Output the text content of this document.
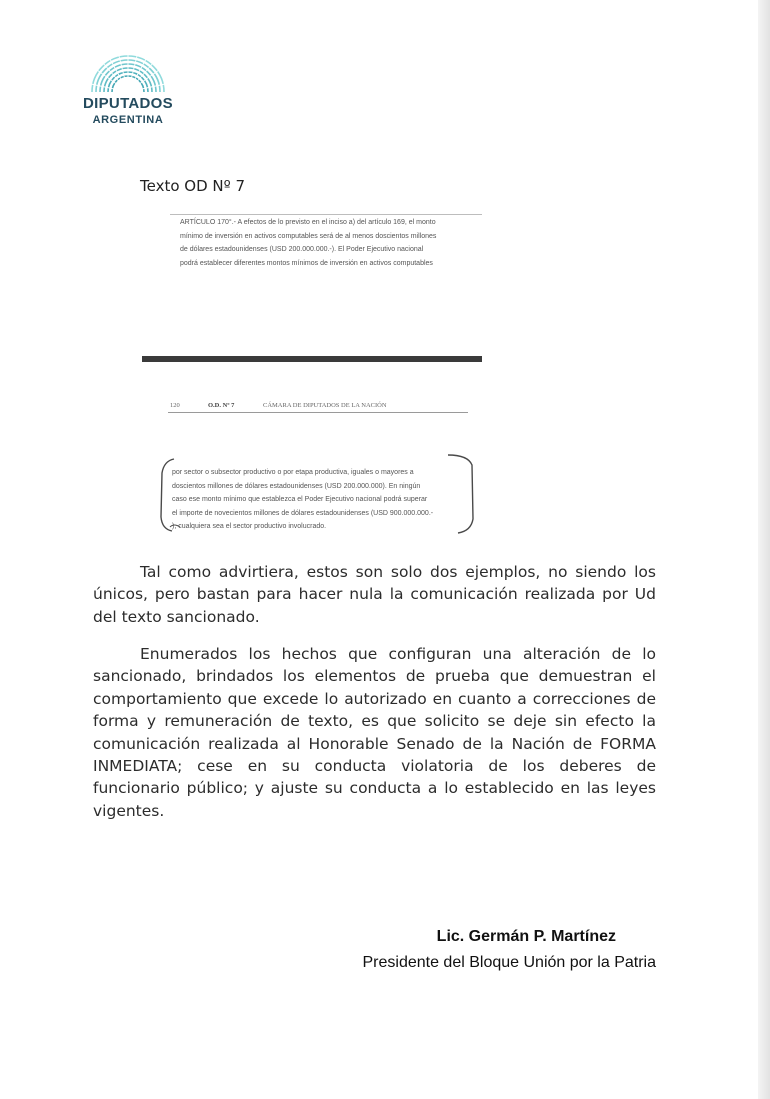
DIPUTADOS
ARGENTINA
Texto OD Nº 7
ARTÍCULO 170°.- A efectos de lo previsto en el inciso a) del artículo 169, el monto
mínimo de inversión en activos computables será de al menos doscientos millones
de dólares estadounidenses (USD 200.000.000.-). El Poder Ejecutivo nacional
podrá establecer diferentes montos mínimos de inversión en activos computables
120	O.D. Nº 7	CÁMARA DE DIPUTADOS DE LA NACIÓN
por sector o subsector productivo o por etapa productiva, iguales o mayores a
doscientos millones de dólares estadounidenses (USD 200.000.000). En ningún
caso ese monto mínimo que establezca el Poder Ejecutivo nacional podrá superar
el importe de novecientos millones de dólares estadounidenses (USD 900.000.000.-
), cualquiera sea el sector productivo involucrado.

Tal como advirtiera, estos son solo dos ejemplos, no siendo los únicos, pero bastan para hacer nula la comunicación realizada por Ud del texto sancionado.

Enumerados los hechos que configuran una alteración de lo sancionado, brindados los elementos de prueba que demuestran el comportamiento que excede lo autorizado en cuanto a correcciones de forma y remuneración de texto, es que solicito se deje sin efecto la comunicación realizada al Honorable Senado de la Nación de FORMA INMEDIATA; cese en su conducta violatoria de los deberes de funcionario público; y ajuste su conducta a lo establecido en las leyes vigentes.

Lic. Germán P. Martínez
Presidente del Bloque Unión por la Patria
